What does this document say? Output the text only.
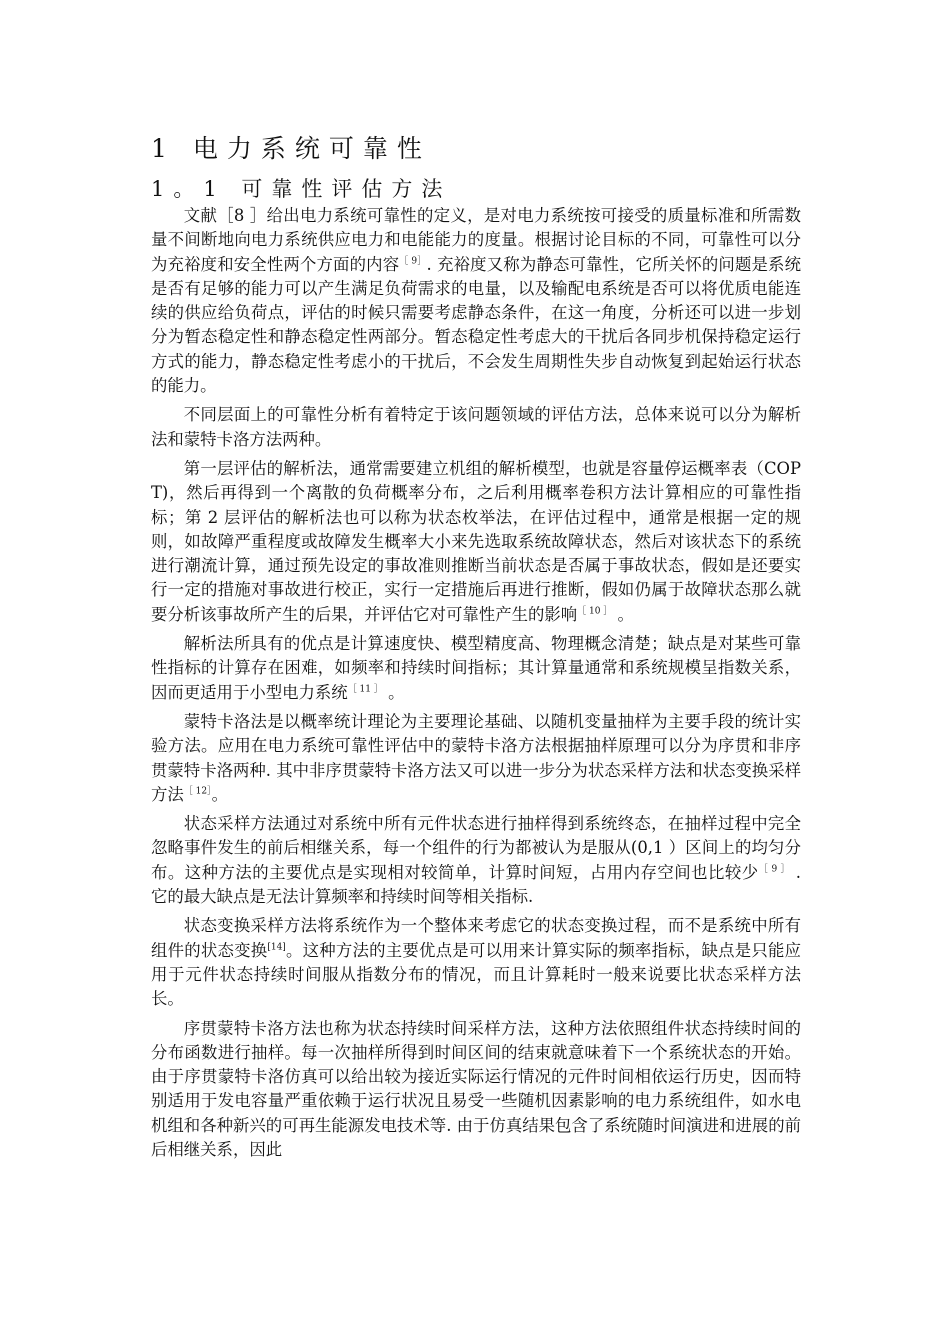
1 电力系统可靠性
1。1 可靠性评估方法

文献［8 ］给出电力系统可靠性的定义，是对电力系统按可接受的质量标准和所需数量不间断地向电力系统供应电力和电能能力的度量。根据讨论目标的不同，可靠性可以分为充裕度和安全性两个方面的内容$^{[ 9]}$. 充裕度又称为静态可靠性，它所关怀的问题是系统是否有足够的能力可以产生满足负荷需求的电量，以及输配电系统是否可以将优质电能连续的供应给负荷点，评估的时候只需要考虑静态条件，在这一角度，分析还可以进一步划分为暂态稳定性和静态稳定性两部分。暂态稳定性考虑大的干扰后各同步机保持稳定运行方式的能力，静态稳定性考虑小的干扰后，不会发生周期性失步自动恢复到起始运行状态的能力。

不同层面上的可靠性分析有着特定于该问题领域的评估方法，总体来说可以分为解析法和蒙特卡洛方法两种。

第一层评估的解析法，通常需要建立机组的解析模型，也就是容量停运概率表（COPT)，然后再得到一个离散的负荷概率分布，之后利用概率卷积方法计算相应的可靠性指标；第 2 层评估的解析法也可以称为状态枚举法，在评估过程中，通常是根据一定的规则，如故障严重程度或故障发生概率大小来先选取系统故障状态，然后对该状态下的系统进行潮流计算，通过预先设定的事故准则推断当前状态是否属于事故状态，假如是还要实行一定的措施对事故进行校正，实行一定措施后再进行推断，假如仍属于故障状态那么就要分析该事故所产生的后果，并评估它对可靠性产生的影响$^{[ 10 ]}$ 。

解析法所具有的优点是计算速度快、模型精度高、物理概念清楚；缺点是对某些可靠性指标的计算存在困难，如频率和持续时间指标；其计算量通常和系统规模呈指数关系，因而更适用于小型电力系统$^{[ 11 ]}$ 。

蒙特卡洛法是以概率统计理论为主要理论基础、以随机变量抽样为主要手段的统计实验方法。应用在电力系统可靠性评估中的蒙特卡洛方法根据抽样原理可以分为序贯和非序贯蒙特卡洛两种. 其中非序贯蒙特卡洛方法又可以进一步分为状态采样方法和状态变换采样方法$^{[ 12]}$。

状态采样方法通过对系统中所有元件状态进行抽样得到系统终态，在抽样过程中完全忽略事件发生的前后相继关系，每一个组件的行为都被认为是服从(0,1 ）区间上的均匀分布。这种方法的主要优点是实现相对较简单，计算时间短，占用内存空间也比较少$^{[ 9 ]}$ . 它的最大缺点是无法计算频率和持续时间等相关指标.

状态变换采样方法将系统作为一个整体来考虑它的状态变换过程，而不是系统中所有组件的状态变换[14]。这种方法的主要优点是可以用来计算实际的频率指标，缺点是只能应用于元件状态持续时间服从指数分布的情况，而且计算耗时一般来说要比状态采样方法长。

序贯蒙特卡洛方法也称为状态持续时间采样方法，这种方法依照组件状态持续时间的分布函数进行抽样。每一次抽样所得到时间区间的结束就意味着下一个系统状态的开始。由于序贯蒙特卡洛仿真可以给出较为接近实际运行情况的元件时间相依运行历史，因而特别适用于发电容量严重依赖于运行状况且易受一些随机因素影响的电力系统组件，如水电机组和各种新兴的可再生能源发电技术等. 由于仿真结果包含了系统随时间演进和进展的前后相继关系，因此
